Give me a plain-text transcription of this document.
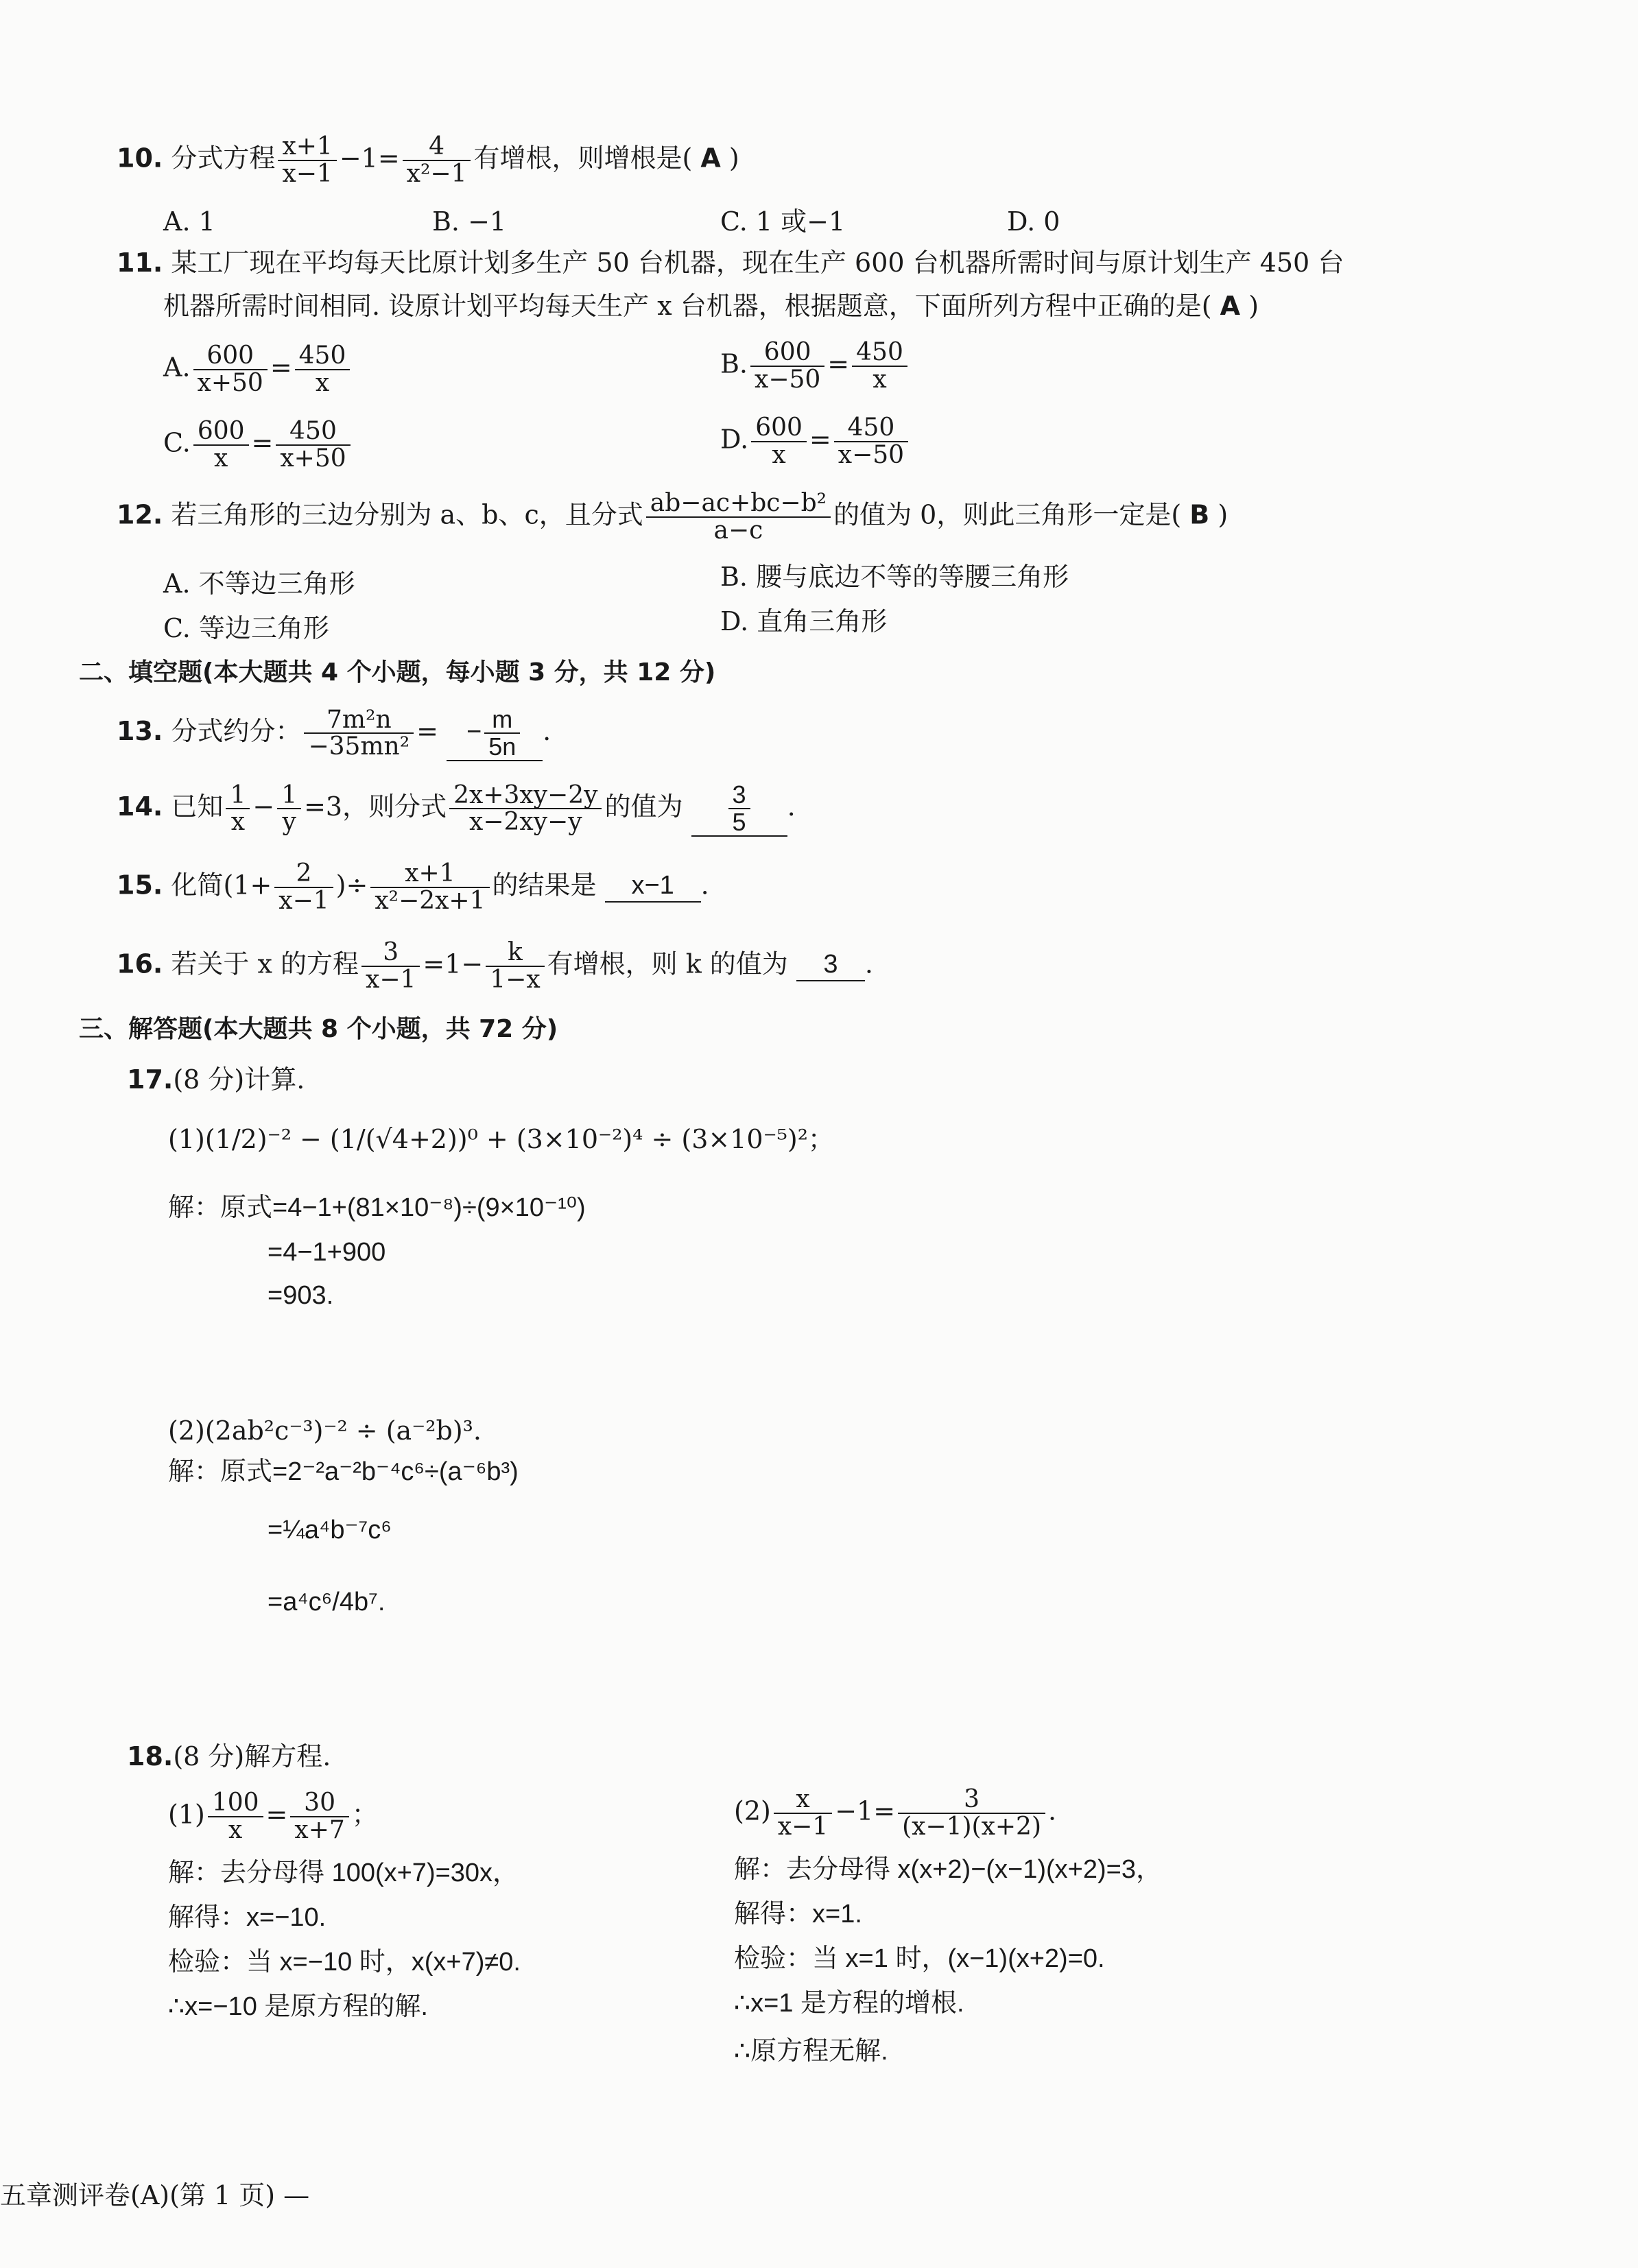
10. 分式方程 $\frac{x+1}{x-1} -1= \frac{4}{\text{x²−1}}$ 有增根，则增根是( A )
A. 1	B. −1	C. 1 或−1	D. 0
11. 某工厂现在平均每天比原计划多生产 50 台机器，现在生产 600 台机器所需时间与原计划生产 450 台
机器所需时间相同. 设原计划平均每天生产 x 台机器，根据题意，下面所列方程中正确的是( A )
A. $\frac{600}{x+50} = \frac{450}{x}$	B. $\frac{600}{x-50} = \frac{450}{x}$
C. $\frac{600}{x} = \frac{450}{x+50}$	D. $\frac{600}{x} = \frac{450}{x-50}$
12. 若三角形的三边分别为 a、b、c，且分式 $\frac{\text{ab−ac+bc−b²}}{a-c}$ 的值为 0，则此三角形一定是( B )
A. 不等边三角形	B. 腰与底边不等的等腰三角形
C. 等边三角形	D. 直角三角形
二、填空题(本大题共 4 个小题，每小题 3 分，共 12 分)
13. 分式约分： $\frac{\text{7m²n}}{\text{−35mn²}}$ = − $\frac{m}{5n}$ .
14. 已知 $\frac{1}{x} - \frac{1}{y} =3$，则分式 $\frac{2x+3xy-2y}{x-2xy-y}$ 的值为 $\frac{3}{5}$ .
15. 化简($1+ \frac{2}{x-1}$ )÷ $\frac{x+1}{\text{x²−2x+1}}$ 的结果是 x−1 .
16. 若关于 x 的方程 $\frac{3}{x-1} =1- \frac{k}{1-x}$ 有增根，则 k 的值为 3 .
三、解答题(本大题共 8 个小题，共 72 分)
17.(8 分)计算.
(1)(1/2)⁻² − (1/(√4+2))⁰ + (3×10⁻²)⁴ ÷ (3×10⁻⁵)²；
解：原式=4−1+(81×10⁻⁸)÷(9×10⁻¹⁰)
=4−1+900
=903.
(2)(2ab²c⁻³)⁻² ÷ (a⁻²b)³.
解：原式=2⁻²a⁻²b⁻⁴c⁶÷(a⁻⁶b³)
=¼a⁴b⁻⁷c⁶
=a⁴c⁶/4b⁷.
18.(8 分)解方程.
$(1) \frac{100}{x} = \frac{30}{x+7}$ ；
解：去分母得 100(x+7)=30x，
解得：x=−10.
检验：当 x=−10 时，x(x+7)≠0.
∴x=−10 是原方程的解.
$(2) \frac{x}{x-1} -1= \frac{3}{(x-1)(x+2)}$ .
解：去分母得 x(x+2)−(x−1)(x+2)=3，
解得：x=1.
检验：当 x=1 时，(x−1)(x+2)=0.
∴x=1 是方程的增根.
∴原方程无解.
五章测评卷(A)(第 1 页) —
